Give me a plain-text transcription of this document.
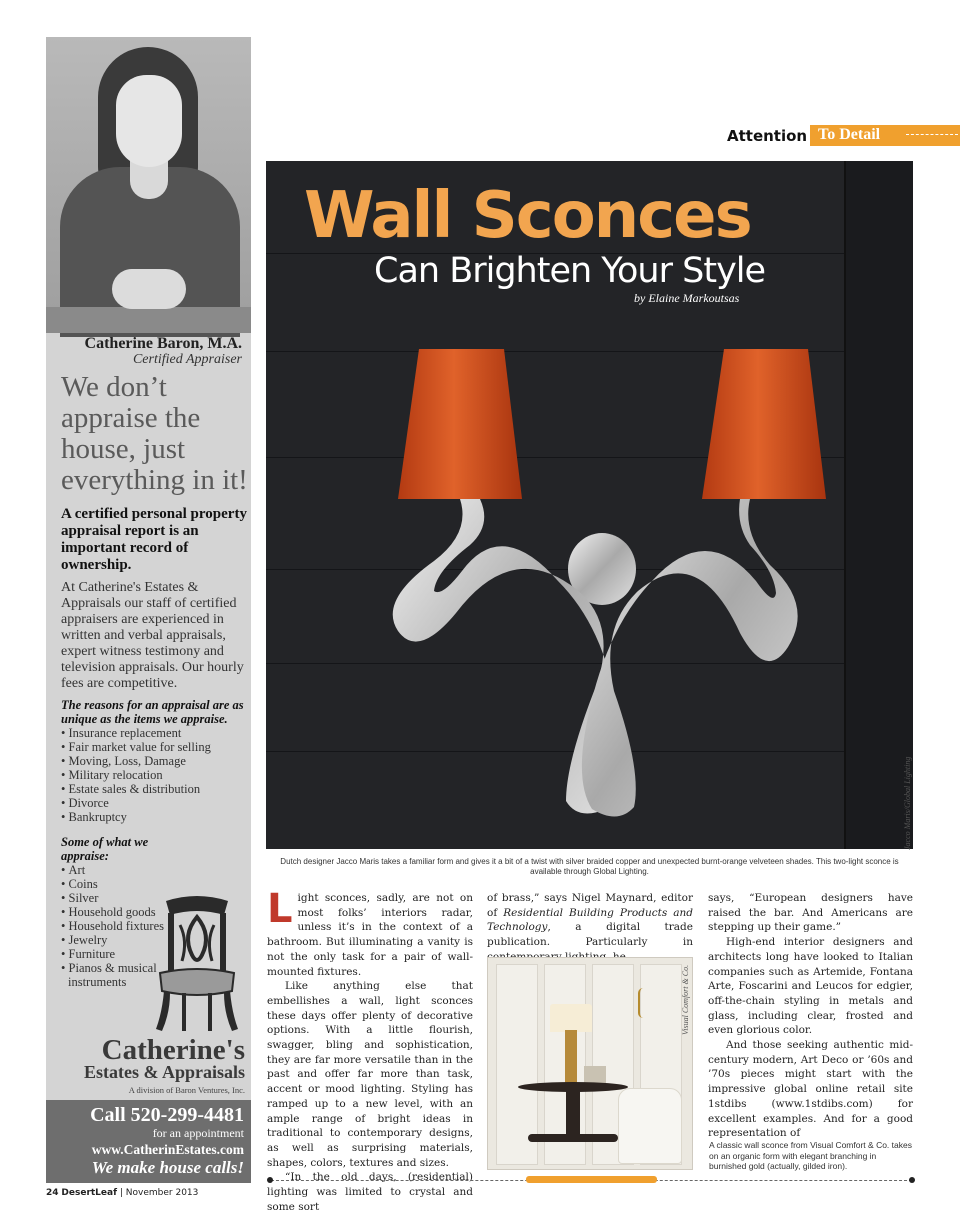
Catherine Baron, M.A.
Certified Appraiser
We don’t appraise the house, just everything in it!
A certified personal property appraisal report is an important record of ownership.
At Catherine's Estates & Appraisals our staff of certified appraisers are experienced in written and verbal appraisals, expert witness testimony and television appraisals. Our hourly fees are competitive.
The reasons for an appraisal are as unique as the items we appraise.
• Insurance replacement
• Fair market value for selling
• Moving, Loss, Damage
• Military relocation
• Estate sales & distribution
• Divorce
• Bankruptcy
Some of what we appraise:
• Art
• Coins
• Silver
• Household goods
• Household fixtures
• Jewelry
• Furniture
• Pianos & musical instruments
Catherine's
Estates & Appraisals
A division of Baron Ventures, Inc.
Call 520-299-4481
for an appointment
www.CatherinEstates.com
We make house calls!
Attention To Detail
Wall Sconces
Can Brighten Your Style
by Elaine Markoutsas
Jacco Maris/Global Lighting
Dutch designer Jacco Maris takes a familiar form and gives it a bit of a twist with silver braided copper and unexpected burnt-orange velveteen shades. This two-light sconce is available through Global Lighting.

Light sconces, sadly, are not on most folks’ interiors radar, unless it’s in the context of a bathroom. But illuminating a vanity is not the only task for a pair of wall-mounted fixtures.

Like anything else that embellishes a wall, light sconces these days offer plenty of decorative options. With a little flourish, swagger, bling and sophistication, they are far more versatile than in the past and offer far more than task, accent or mood lighting. Styling has ramped up to a new level, with an ample range of bright ideas in traditional to contemporary designs, as well as surprising materials, shapes, colors, textures and sizes.

“In the old days, (residential) lighting was limited to crystal and some sort

of brass,” says Nigel Maynard, editor of Residential Building Products and Technology, a digital trade publication. Particularly in

Visual Comfort & Co.

says, “European designers have raised the bar. And Americans are stepping up their game.”

High-end interior designers and architects long have looked to Italian companies such as Artemide, Fontana Arte, Foscarini and Leucos for edgier, off-the-chain styling in metals and glass, including clear, frosted and even glorious color.

And those seeking authentic mid-century modern, Art Deco or ’60s and ’70s pieces might start with the impressive global online retail site 1stdibs (www.1stdibs.com) for excellent examples. And for a good representation of

A classic wall sconce from Visual Comfort & Co. takes on an organic form with elegant branching in burnished gold (actually, gilded iron).
24 DesertLeaf | November 2013
